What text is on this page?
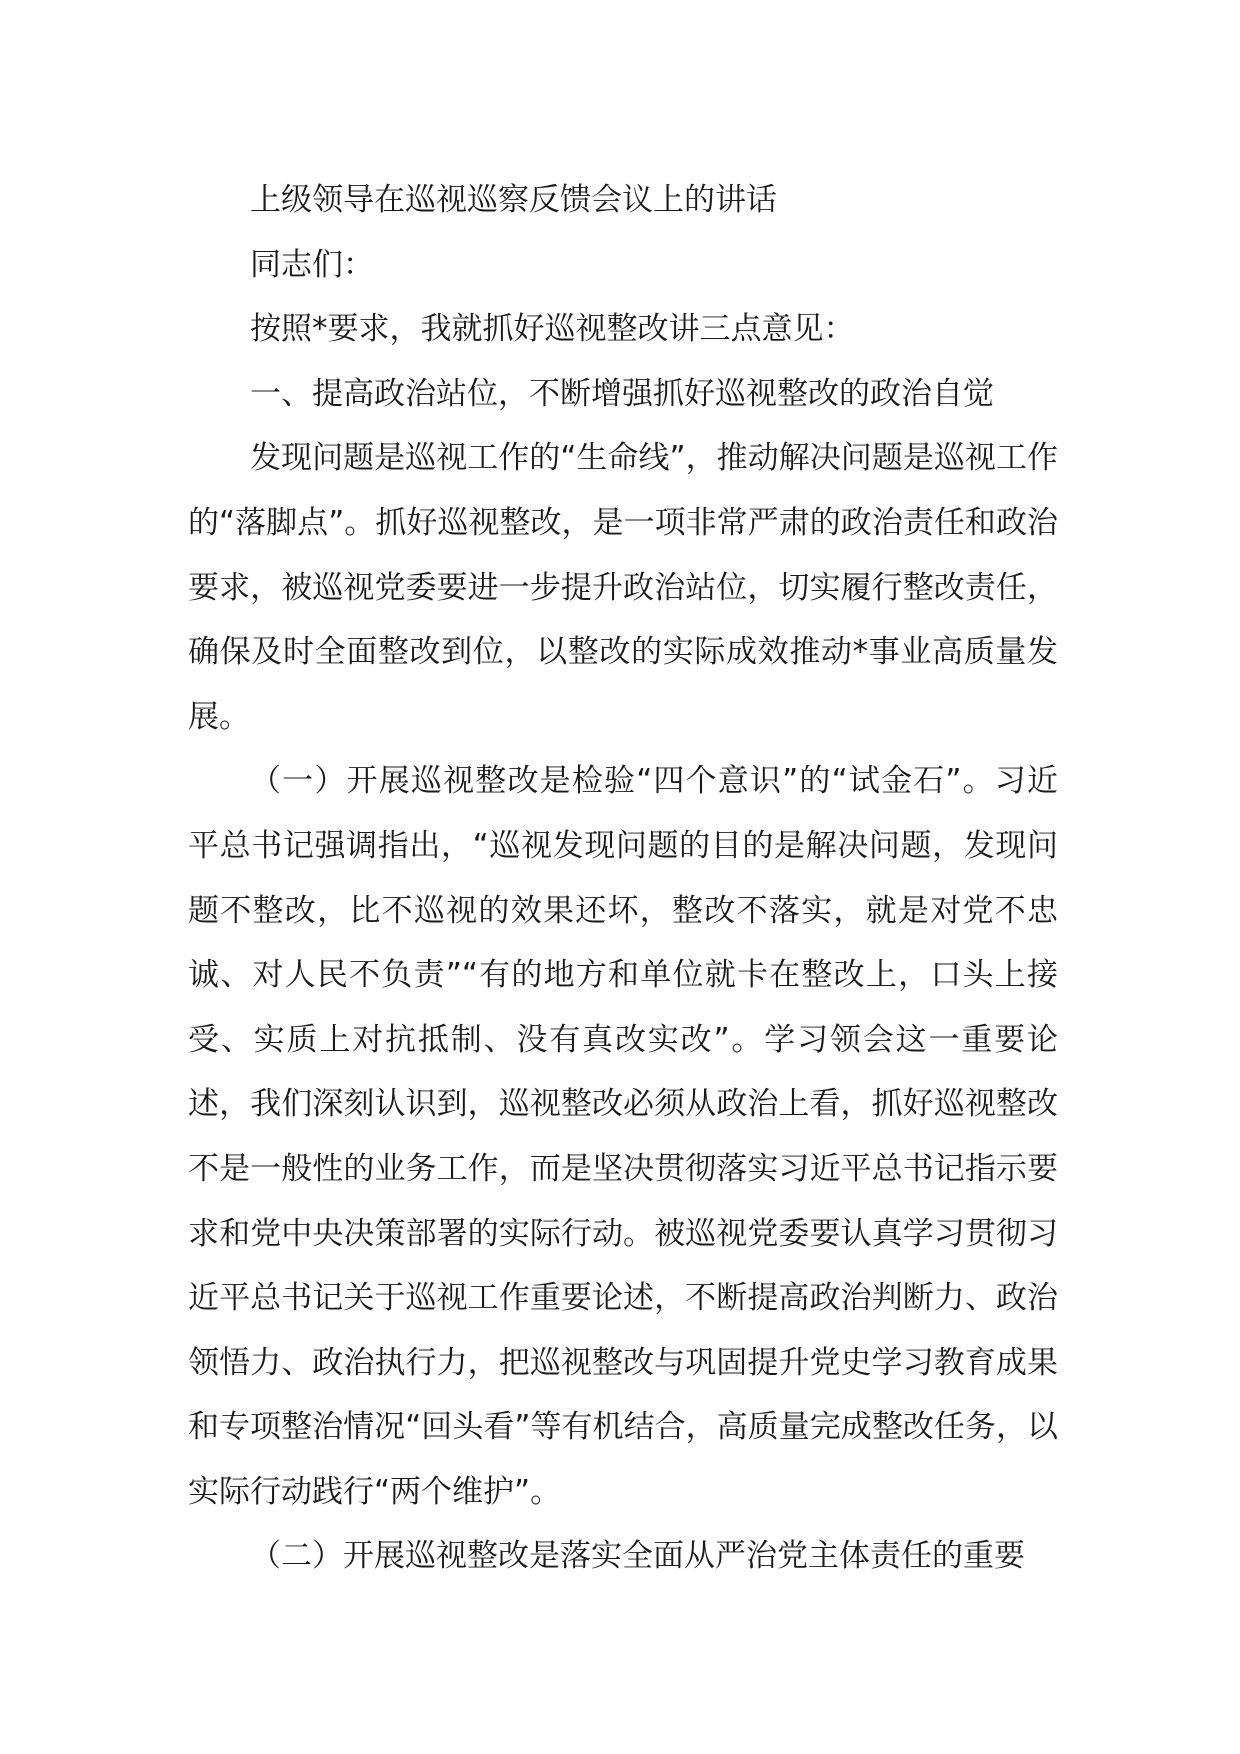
上级领导在巡视巡察反馈会议上的讲话

同志们：

按照*要求，我就抓好巡视整改讲三点意见：

一、提高政治站位，不断增强抓好巡视整改的政治自觉

发现问题是巡视工作的“生命线”，推动解决问题是巡视工作的“落脚点”。抓好巡视整改，是一项非常严肃的政治责任和政治要求，被巡视党委要进一步提升政治站位，切实履行整改责任，确保及时全面整改到位，以整改的实际成效推动*事业高质量发展。

（一）开展巡视整改是检验“四个意识”的“试金石”。习近平总书记强调指出，“巡视发现问题的目的是解决问题，发现问题不整改，比不巡视的效果还坏，整改不落实，就是对党不忠诚、对人民不负责”“有的地方和单位就卡在整改上，口头上接受、实质上对抗抵制、没有真改实改”。学习领会这一重要论述，我们深刻认识到，巡视整改必须从政治上看，抓好巡视整改不是一般性的业务工作，而是坚决贯彻落实习近平总书记指示要求和党中央决策部署的实际行动。被巡视党委要认真学习贯彻习近平总书记关于巡视工作重要论述，不断提高政治判断力、政治领悟力、政治执行力，把巡视整改与巩固提升党史学习教育成果和专项整治情况“回头看”等有机结合，高质量完成整改任务，以实际行动践行“两个维护”。

（二）开展巡视整改是落实全面从严治党主体责任的重要
